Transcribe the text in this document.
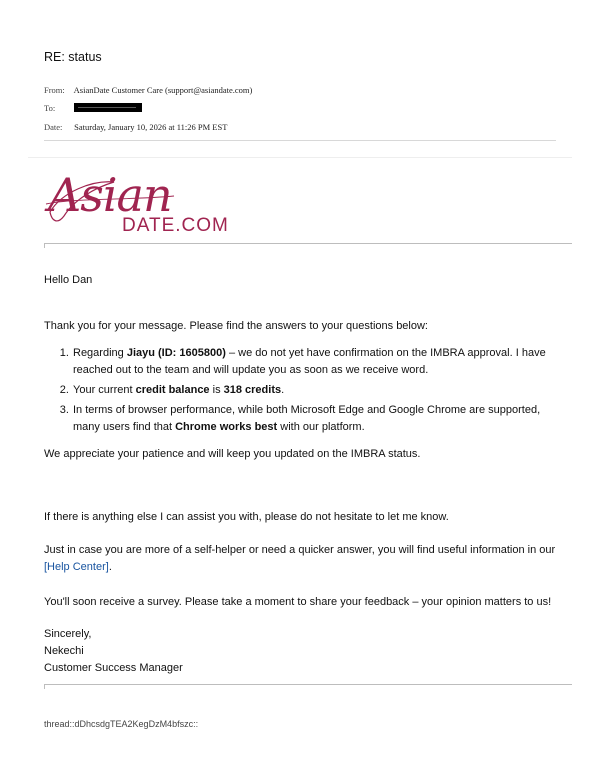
RE: status
From: AsianDate Customer Care (support@asiandate.com)
To:
Date: Saturday, January 10, 2026 at 11:26 PM EST
Asian
DATE.COM
Hello Dan
Thank you for your message. Please find the answers to your questions below:
1. Regarding Jiayu (ID: 1605800) – we do not yet have confirmation on the IMBRA approval. I have reached out to the team and will update you as soon as we receive word.
2. Your current credit balance is 318 credits.
3. In terms of browser performance, while both Microsoft Edge and Google Chrome are supported, many users find that Chrome works best with our platform.
We appreciate your patience and will keep you updated on the IMBRA status.
If there is anything else I can assist you with, please do not hesitate to let me know.
Just in case you are more of a self-helper or need a quicker answer, you will find useful information in our [Help Center].
You'll soon receive a survey. Please take a moment to share your feedback – your opinion matters to us!
Sincerely,
Nekechi
Customer Success Manager
thread::dDhcsdgTEA2KegDzM4bfszc::
